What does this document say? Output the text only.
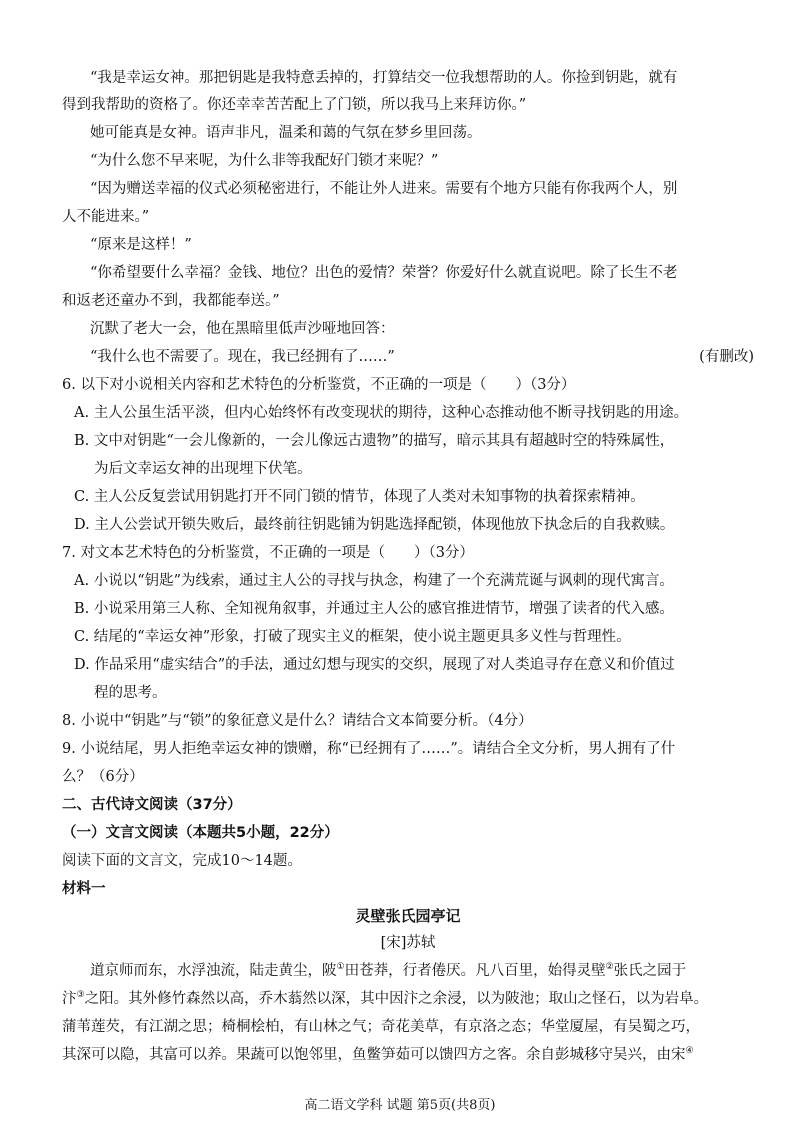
“我是幸运女神。那把钥匙是我特意丢掉的，打算结交一位我想帮助的人。你捡到钥匙，就有
得到我帮助的资格了。你还幸幸苦苦配上了门锁，所以我马上来拜访你。”
她可能真是女神。语声非凡，温柔和蔼的气氛在梦乡里回荡。
“为什么您不早来呢，为什么非等我配好门锁才来呢？”
“因为赠送幸福的仪式必须秘密进行，不能让外人进来。需要有个地方只能有你我两个人，别
人不能进来。”
“原来是这样！”
“你希望要什么幸福？金钱、地位？出色的爱情？荣誉？你爱好什么就直说吧。除了长生不老
和返老还童办不到，我都能奉送。”
沉默了老大一会，他在黑暗里低声沙哑地回答：
“我什么也不需要了。现在，我已经拥有了……”	(有删改)
6. 以下对小说相关内容和艺术特色的分析鉴赏，不正确的一项是（　　）（3分）
A. 主人公虽生活平淡，但内心始终怀有改变现状的期待，这种心态推动他不断寻找钥匙的用途。
B. 文中对钥匙“一会儿像新的，一会儿像远古遗物”的描写，暗示其具有超越时空的特殊属性，
为后文幸运女神的出现埋下伏笔。
C. 主人公反复尝试用钥匙打开不同门锁的情节，体现了人类对未知事物的执着探索精神。
D. 主人公尝试开锁失败后，最终前往钥匙铺为钥匙选择配锁，体现他放下执念后的自我救赎。
7. 对文本艺术特色的分析鉴赏，不正确的一项是（　　）（3分）
A. 小说以“钥匙”为线索，通过主人公的寻找与执念，构建了一个充满荒诞与讽刺的现代寓言。
B. 小说采用第三人称、全知视角叙事，并通过主人公的感官推进情节，增强了读者的代入感。
C. 结尾的“幸运女神”形象，打破了现实主义的框架，使小说主题更具多义性与哲理性。
D. 作品采用“虚实结合”的手法，通过幻想与现实的交织，展现了对人类追寻存在意义和价值过
程的思考。
8. 小说中“钥匙”与“锁”的象征意义是什么？请结合文本简要分析。（4分）
9. 小说结尾，男人拒绝幸运女神的馈赠，称“已经拥有了……”。请结合全文分析，男人拥有了什
么？（6分）
二、古代诗文阅读（37分）
（一）文言文阅读（本题共5小题，22分）
阅读下面的文言文，完成10～14题。
材料一
灵壁张氏园亭记
[宋]苏轼
道京师而东，水浮浊流，陆走黄尘，陂①田苍莽，行者倦厌。凡八百里，始得灵壁②张氏之园于
汴③之阳。其外修竹森然以高，乔木蓊然以深，其中因汴之余浸，以为陂池；取山之怪石，以为岩阜。
蒲苇莲芡，有江湖之思；椅桐桧柏，有山林之气；奇花美草，有京洛之态；华堂厦屋，有吴蜀之巧，
其深可以隐，其富可以养。果蔬可以饱邻里，鱼鳖笋茹可以馈四方之客。余自彭城移守吴兴，由宋④
高二语文学科 试题 第5页(共8页)
